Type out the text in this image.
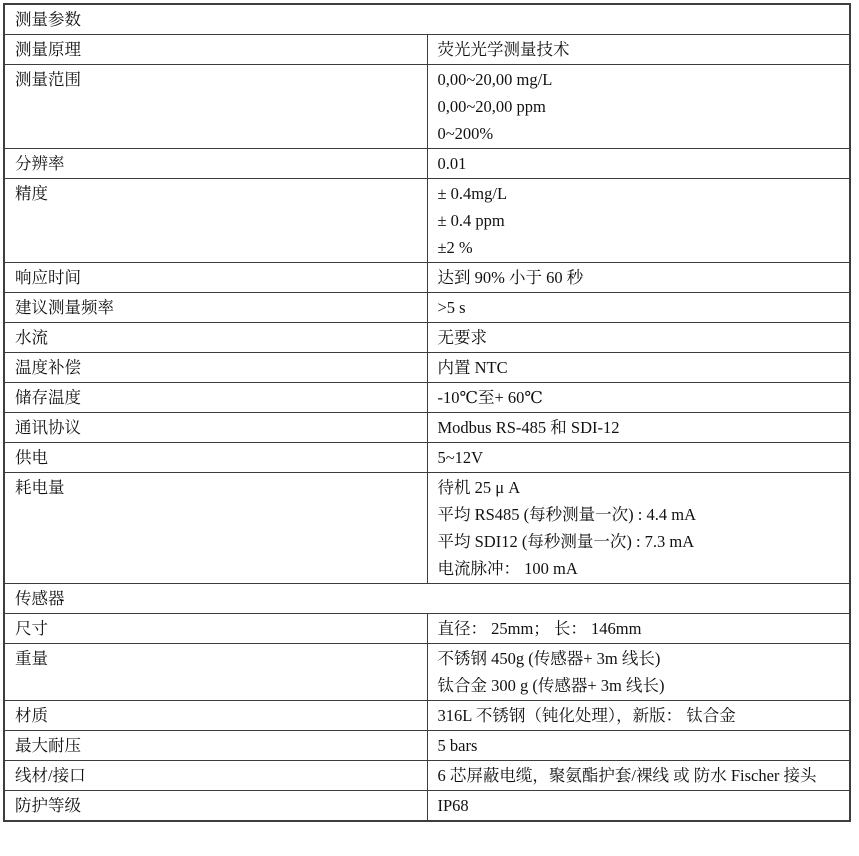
测量参数	
测量原理	荧光光学测量技术

测量范围	0,00~20,00 mg/L
0,00~20,00 ppm
0~200%

分辨率	0.01

精度	± 0.4mg/L
± 0.4 ppm
±2 %

响应时间	达到 90% 小于 60 秒

建议测量频率	>5 s

水流	无要求

温度补偿	内置 NTC

储存温度	-10℃至+ 60℃

通讯协议	Modbus RS-485 和 SDI-12

供电	5~12V

耗电量	待机 25 μ A
平均 RS485 (每秒测量一次) : 4.4 mA
平均 SDI12 (每秒测量一次) : 7.3 mA
电流脉冲： 100 mA

传感器	
尺寸	直径： 25mm； 长： 146mm

重量	不锈钢 450g (传感器+ 3m 线长)
钛合金 300 g (传感器+ 3m 线长)

材质	316L 不锈钢（钝化处理），新版： 钛合金

最大耐压	5 bars

线材/接口	6 芯屏蔽电缆，聚氨酯护套/裸线 或 防水 Fischer 接头

防护等级	IP68
